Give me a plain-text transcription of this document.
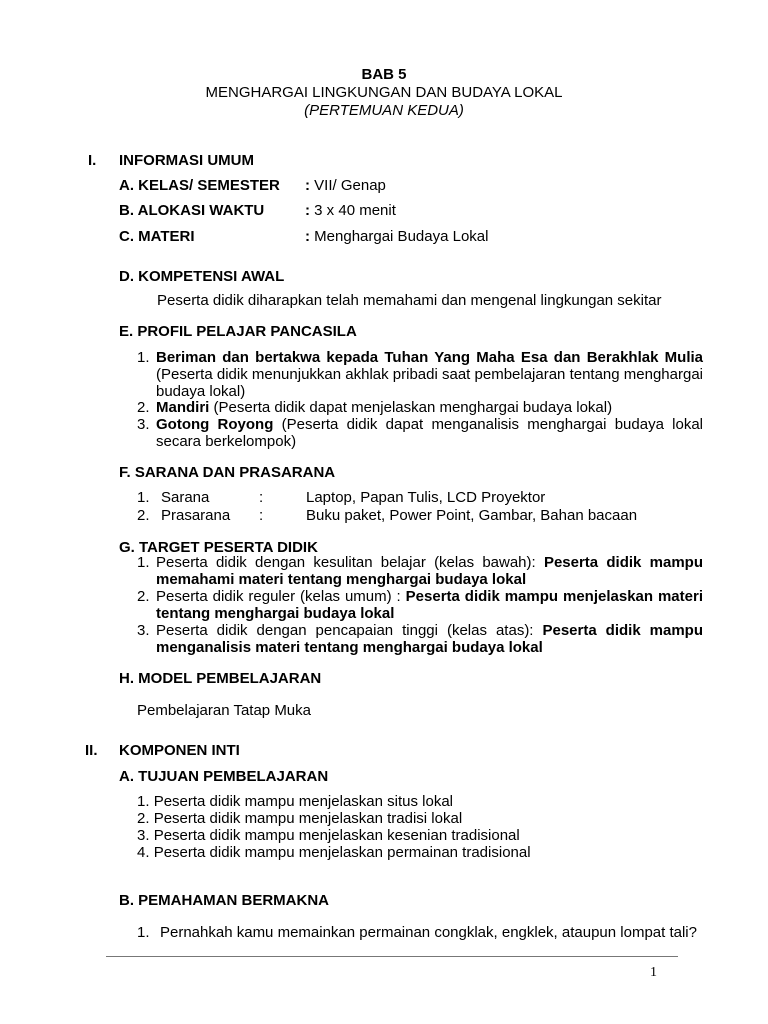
BAB 5
MENGHARGAI LINGKUNGAN DAN BUDAYA LOKAL
(PERTEMUAN KEDUA)
I. INFORMASI UMUM
A. KELAS/ SEMESTER : VII/ Genap
B. ALOKASI WAKTU	: 3 x 40 menit
C. MATERI	: Menghargai Budaya Lokal
D. KOMPETENSI AWAL
Peserta didik diharapkan telah memahami dan mengenal lingkungan sekitar
E. PROFIL PELAJAR PANCASILA
1. Beriman dan bertakwa kepada Tuhan Yang Maha Esa dan Berakhlak Mulia (Peserta didik menunjukkan akhlak pribadi saat pembelajaran tentang menghargai budaya lokal)
2. Mandiri (Peserta didik dapat menjelaskan menghargai budaya lokal)
3. Gotong Royong (Peserta didik dapat menganalisis menghargai budaya lokal secara berkelompok)
F. SARANA DAN PRASARANA
1. Sarana	:	Laptop, Papan Tulis, LCD Proyektor
2. Prasarana :	Buku paket, Power Point, Gambar, Bahan bacaan
G. TARGET PESERTA DIDIK
1. Peserta didik dengan kesulitan belajar (kelas bawah): Peserta didik mampu memahami materi tentang menghargai budaya lokal
2. Peserta didik reguler (kelas umum) : Peserta didik mampu menjelaskan materi tentang menghargai budaya lokal
3. Peserta didik dengan pencapaian tinggi (kelas atas): Peserta didik mampu menganalisis materi tentang menghargai budaya lokal
H. MODEL PEMBELAJARAN
Pembelajaran Tatap Muka
II. KOMPONEN INTI
A. TUJUAN PEMBELAJARAN
1. Peserta didik mampu menjelaskan situs lokal
2. Peserta didik mampu menjelaskan tradisi lokal
3. Peserta didik mampu menjelaskan kesenian tradisional
4. Peserta didik mampu menjelaskan permainan tradisional
B. PEMAHAMAN BERMAKNA
1. Pernahkah kamu memainkan permainan congklak, engklek, ataupun lompat tali?
1
